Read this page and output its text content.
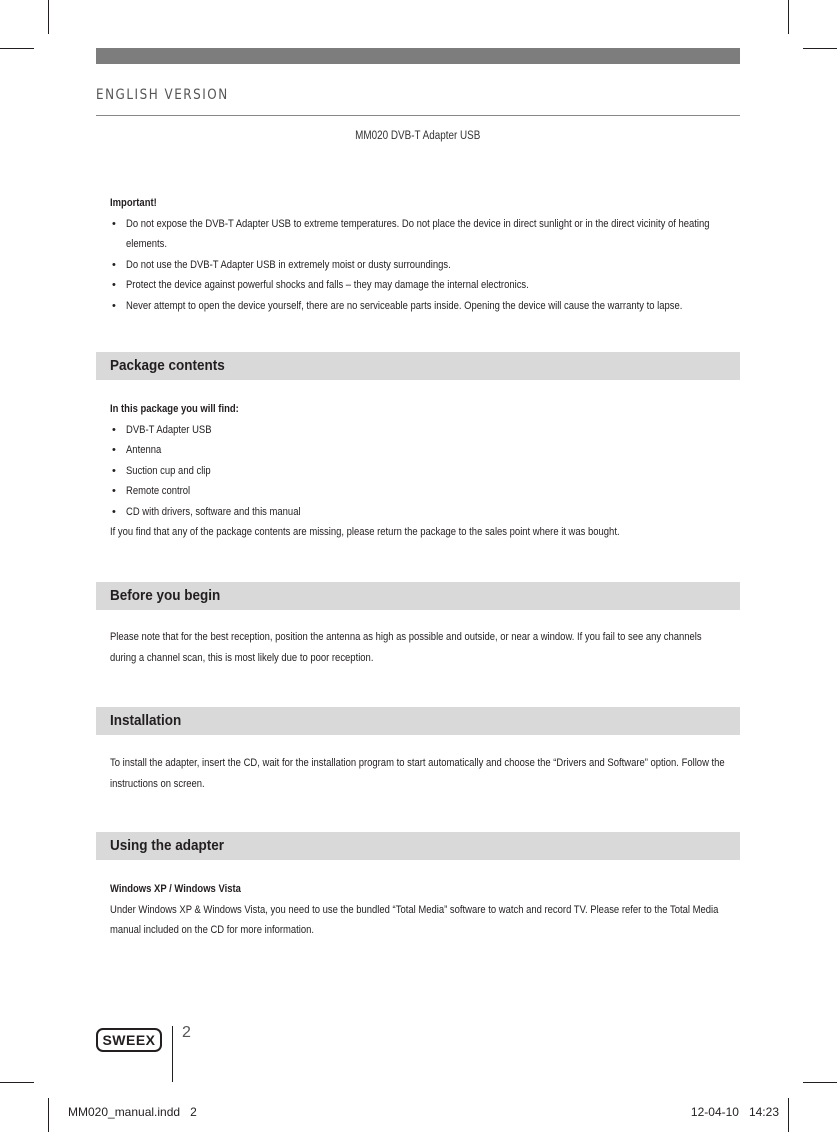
ENGLISH VERSION
MM020 DVB-T Adapter USB
Important!
• Do not expose the DVB-T Adapter USB to extreme temperatures. Do not place the device in direct sunlight or in the direct vicinity of heating
elements.
• Do not use the DVB-T Adapter USB in extremely moist or dusty surroundings.
• Protect the device against powerful shocks and falls – they may damage the internal electronics.
• Never attempt to open the device yourself, there are no serviceable parts inside. Opening the device will cause the warranty to lapse.
Package contents
In this package you will find:
• DVB-T Adapter USB
• Antenna
• Suction cup and clip
• Remote control
• CD with drivers, software and this manual
If you find that any of the package contents are missing, please return the package to the sales point where it was bought.
Before you begin
Please note that for the best reception, position the antenna as high as possible and outside, or near a window. If you fail to see any channels
during a channel scan, this is most likely due to poor reception.
Installation
To install the adapter, insert the CD, wait for the installation program to start automatically and choose the “Drivers and Software” option. Follow the
instructions on screen.
Using the adapter
Windows XP / Windows Vista
Under Windows XP & Windows Vista, you need to use the bundled “Total Media” software to watch and record TV. Please refer to the Total Media
manual included on the CD for more information.
SWEEX	2
MM020_manual.indd   2	12-04-10   14:23
